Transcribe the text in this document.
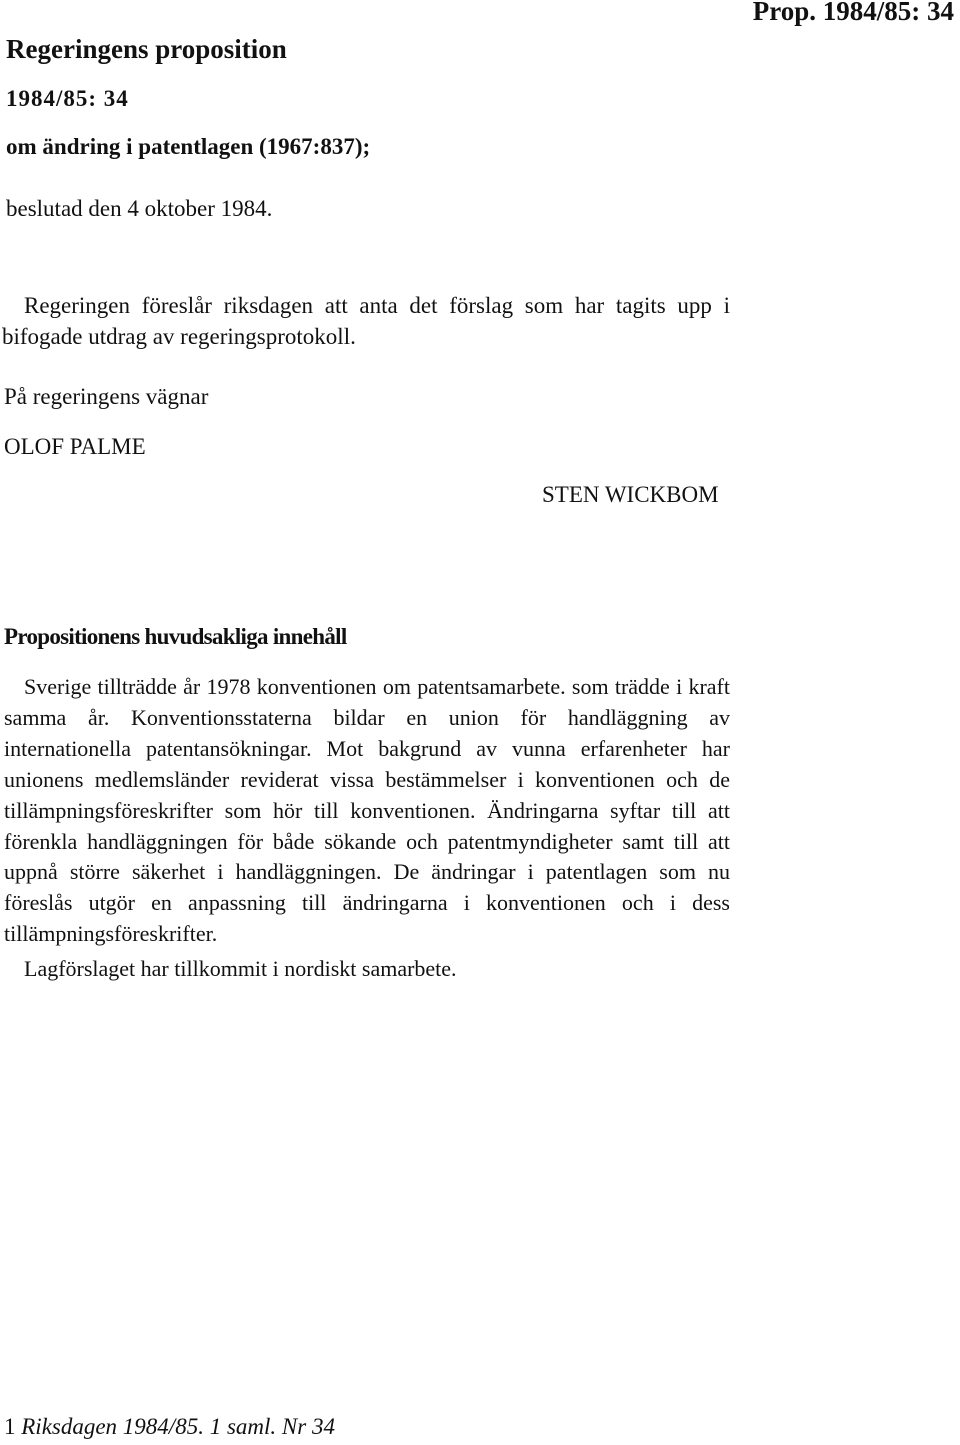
Prop. 1984/85: 34
Regeringens proposition
1984/85: 34
om ändring i patentlagen (1967:837);
beslutad den 4 oktober 1984.

Regeringen föreslår riksdagen att anta det förslag som har tagits upp i bifogade utdrag av regeringsprotokoll.

På regeringens vägnar
OLOF PALME
STEN WICKBOM
Propositionens huvudsakliga innehåll

Sverige tillträdde år 1978 konventionen om patentsamarbete. som trädde i kraft samma år. Konventionsstaterna bildar en union för handläggning av internationella patentansökningar. Mot bakgrund av vunna erfarenheter har unionens medlemsländer reviderat vissa bestämmelser i konventionen och de tillämpningsföreskrifter som hör till konventionen. Ändringarna syftar till att förenkla handläggningen för både sökande och patentmyndigheter samt till att uppnå större säkerhet i handläggningen. De ändringar i patentlagen som nu föreslås utgör en anpassning till ändringarna i konventionen och i dess tillämpningsföreskrifter.

Lagförslaget har tillkommit i nordiskt samarbete.
1 Riksdagen 1984/85. 1 saml. Nr 34
